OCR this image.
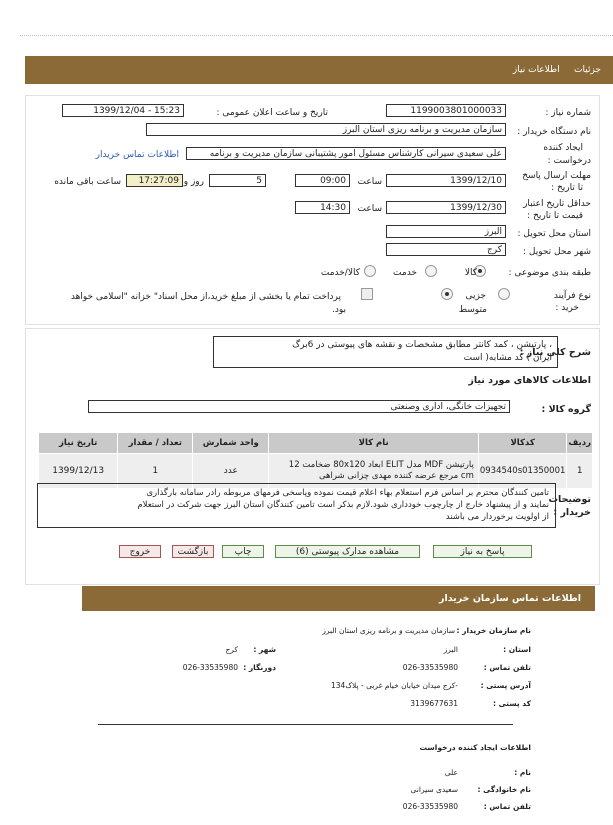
جزئیات     اطلاعات نیاز
شماره نیاز :
1199003801000033
تاریخ و ساعت اعلان عمومی :
1399/12/04 - 15:23
نام دستگاه خریدار :
سازمان مدیریت و برنامه ریزی استان البرز
ایجاد کننده
درخواست :
علی سعیدی سیرانی کارشناس مسئول امور پشتیبانی سازمان مدیریت و برنامه
اطلاعات تماس خریدار
مهلت ارسال پاسخ
تا تاریخ :
1399/12/10
ساعت
09:00
5
روز و
17:27:09
ساعت باقی مانده
حداقل تاریخ اعتبار
قیمت تا تاریخ :
1399/12/30
ساعت
14:30
استان محل تحویل :
البرز
شهر محل تحویل :
کرج
طبقه بندی موضوعی :
کالا
خدمت
کالا/خدمت
نوع فرآیند
خرید :
جزیی
متوسط
پرداخت تمام یا بخشی از مبلغ خرید،از محل اسناد" خزانه "اسلامی خواهد
بود.
شرح کلی نیاز :
، پارتیشن ، کمد کانتر مطابق مشخصات و نقشه های پیوستی در 6برگ
ایران ) کد مشابه( است
اطلاعات کالاهای مورد نیاز
گروه کالا :
تجهیزات خانگی، اداری وصنعتی
ردیف	کدکالا	نام کالا	واحد شمارش	تعداد / مقدار	تاریخ نیاز
1	0934540s01350001	پارتیشن MDF مدل ELIT ابعاد 80x120 ضخامت 12
cm مرجع عرضه کننده مهدی چزانی شراهی	عدد	1	1399/12/13
توضیحات
خریدار :
تامین کنندگان محترم بر اساس فرم استعلام بهاء اعلام قیمت نموده وپاسخی فرمهای مربوطه رادر سامانه بارگذاری
نمایند و از پیشنهاد خارج از چارچوب خودداری شود.لازم بذکر است تامین کنندگان استان البرز جهت شرکت در استعلام
از اولویت برخوردار می باشند
پاسخ به نیاز
مشاهده مدارک پیوستی (6)
چاپ
بازگشت
خروج
اطلاعات تماس سازمان خریدار
نام سازمان خریدار :
سازمان مدیریت و برنامه ریزی استان البرز
استان :
البرز
شهر :
کرج
تلفن تماس :
026-33535980
دورنگار :
026-33535980
آدرس پستی :
-کرج میدان خیابان خیام غربی - پلاک134
کد پستی :
3139677631
اطلاعات ایجاد کننده درخواست
نام :
علی
نام خانوادگی :
سعیدی سیرانی
تلفن تماس :
026-33535980
